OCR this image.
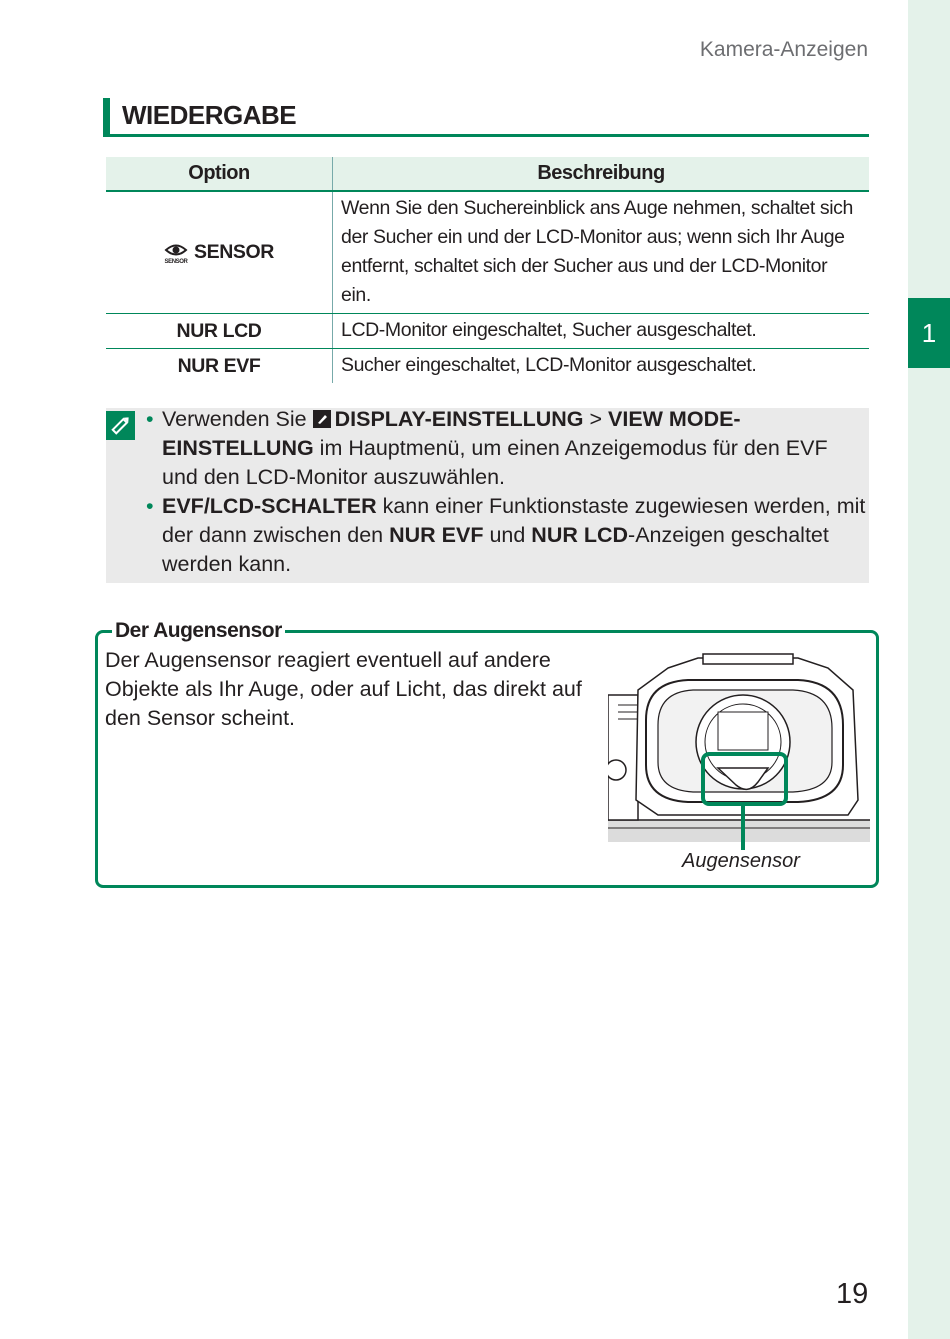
1
Kamera-Anzeigen
WIEDERGABE
Option	Beschreibung

SENSOR SENSOR	Wenn Sie den Suchereinblick ans Auge nehmen, schaltet sich der Sucher ein und der LCD-Monitor aus; wenn sich Ihr Auge entfernt, schaltet sich der Sucher aus und der LCD-Monitor ein.
NUR LCD	LCD-Monitor eingeschaltet, Sucher ausgeschaltet.
NUR EVF	Sucher eingeschaltet, LCD-Monitor ausgeschaltet.
• Verwenden Sie DISPLAY-EINSTELLUNG > VIEW MODE-EINSTELLUNG im Hauptmenü, um einen Anzeigemodus für den EVF und den LCD-Monitor auszuwählen.
• EVF/LCD-SCHALTER kann einer Funktionstaste zugewiesen werden, mit der dann zwischen den NUR EVF und NUR LCD-Anzeigen geschaltet werden kann.
Der Augensensor
Der Augensensor reagiert eventuell auf andere Objekte als Ihr Auge, oder auf Licht, das direkt auf den Sensor scheint.
Augensensor
19
